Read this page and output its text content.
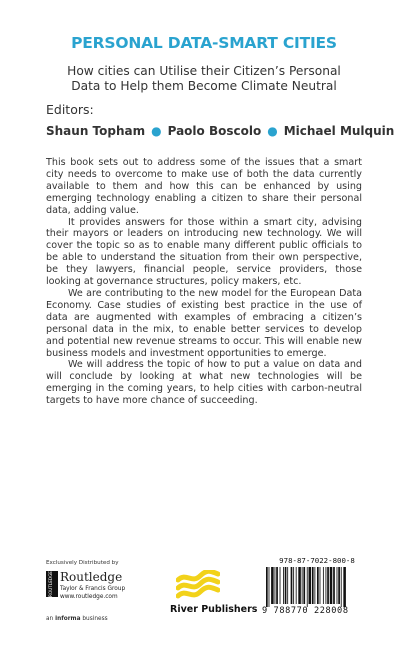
PERSONAL DATA-SMART CITIES
How cities can Utilise their Citizen’s Personal Data to Help them Become Climate Neutral
Editors:
Shaun Topham ● Paolo Boscolo ● Michael Mulquin

This book sets out to address some of the issues that a smart city needs to overcome to make use of both the data currently available to them and how this can be enhanced by using emerging technology enabling a citizen to share their personal data, adding value.

It provides answers for those within a smart city, advising their mayors or leaders on introducing new technology. We will cover the topic so as to enable many different public officials to be able to understand the situation from their own perspective, be they lawyers, financial people, service providers, those looking at governance structures, policy makers, etc.

We are contributing to the new model for the European Data Economy. Case studies of existing best practice in the use of data are augmented with examples of embracing a citizen’s personal data in the mix, to enable better services to develop and potential new revenue streams to occur. This will enable new business models and investment opportunities to emerge.

We will address the topic of how to put a value on data and will conclude by looking at what new technologies will be emerging in the coming years, to help cities with carbon-neutral targets to have more chance of succeeding.

Exclusively Distributed by
ROUTLEDGE Routledge
Taylor & Francis Group
www.routledge.com
an informa business
River Publishers
978-87-7022-800-8
9 788770 228008
